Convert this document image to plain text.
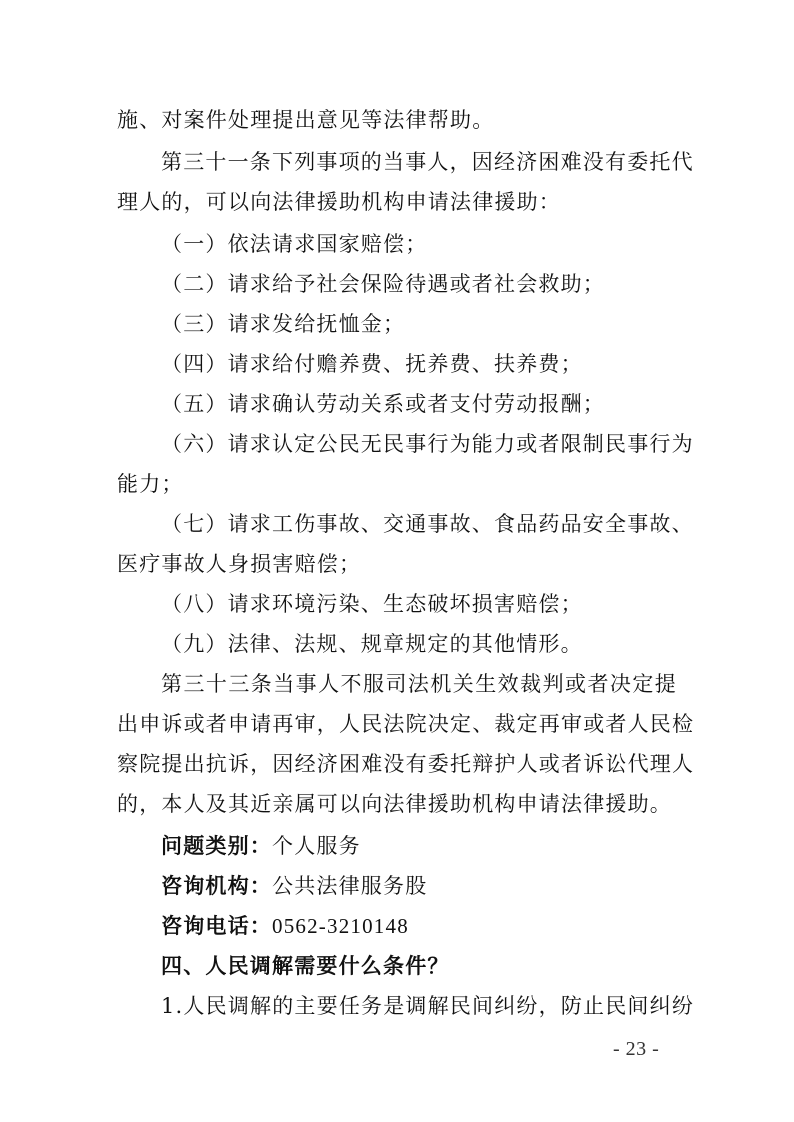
施、对案件处理提出意见等法律帮助。
第三十一条下列事项的当事人，因经济困难没有委托代
理人的，可以向法律援助机构申请法律援助：
（一）依法请求国家赔偿；
（二）请求给予社会保险待遇或者社会救助；
（三）请求发给抚恤金；
（四）请求给付赡养费、抚养费、扶养费；
（五）请求确认劳动关系或者支付劳动报酬；
（六）请求认定公民无民事行为能力或者限制民事行为
能力；
（七）请求工伤事故、交通事故、食品药品安全事故、
医疗事故人身损害赔偿；
（八）请求环境污染、生态破坏损害赔偿；
（九）法律、法规、规章规定的其他情形。
第三十三条当事人不服司法机关生效裁判或者决定提
出申诉或者申请再审，人民法院决定、裁定再审或者人民检
察院提出抗诉，因经济困难没有委托辩护人或者诉讼代理人
的，本人及其近亲属可以向法律援助机构申请法律援助。
问题类别：个人服务
咨询机构：公共法律服务股
咨询电话：0562-3210148
四、人民调解需要什么条件？
1.人民调解的主要任务是调解民间纠纷，防止民间纠纷
- 23 -
